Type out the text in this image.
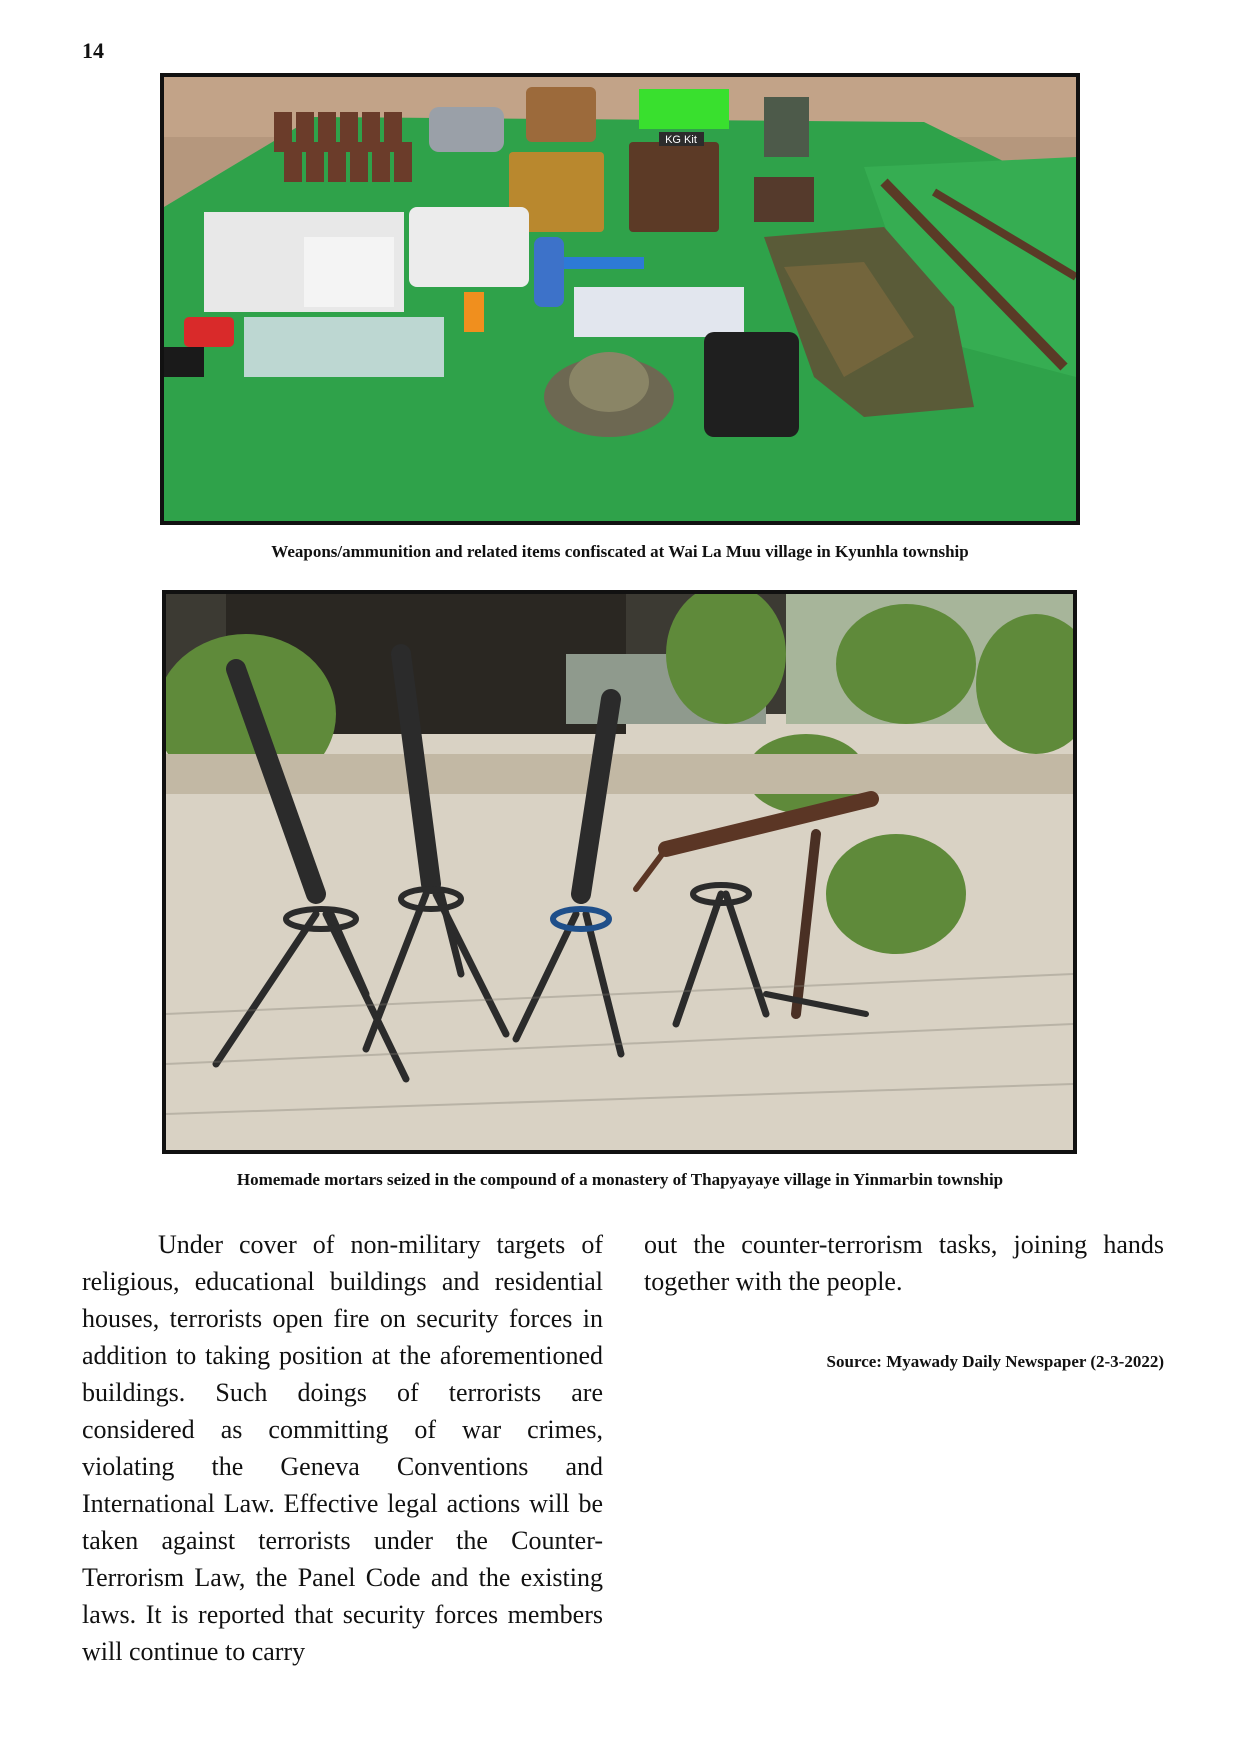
14
KG Kit
Weapons/ammunition and related items confiscated at Wai La Muu village in Kyunhla township
Homemade mortars seized in the compound of a monastery of Thapyayaye village in Yinmarbin township
Under cover of non-military targets of religious, educational buildings and residential houses, terrorists open fire on security forces in addition to taking position at the aforementioned buildings. Such doings of terrorists are considered as committing of war crimes, violating the Geneva Conventions and International Law. Effective legal actions will be taken against terrorists under the Counter-Terrorism Law, the Panel Code and the existing laws. It is reported that security forces members will continue to carry
out the counter-terrorism tasks, joining hands together with the people.
Source: Myawady Daily Newspaper (2-3-2022)
